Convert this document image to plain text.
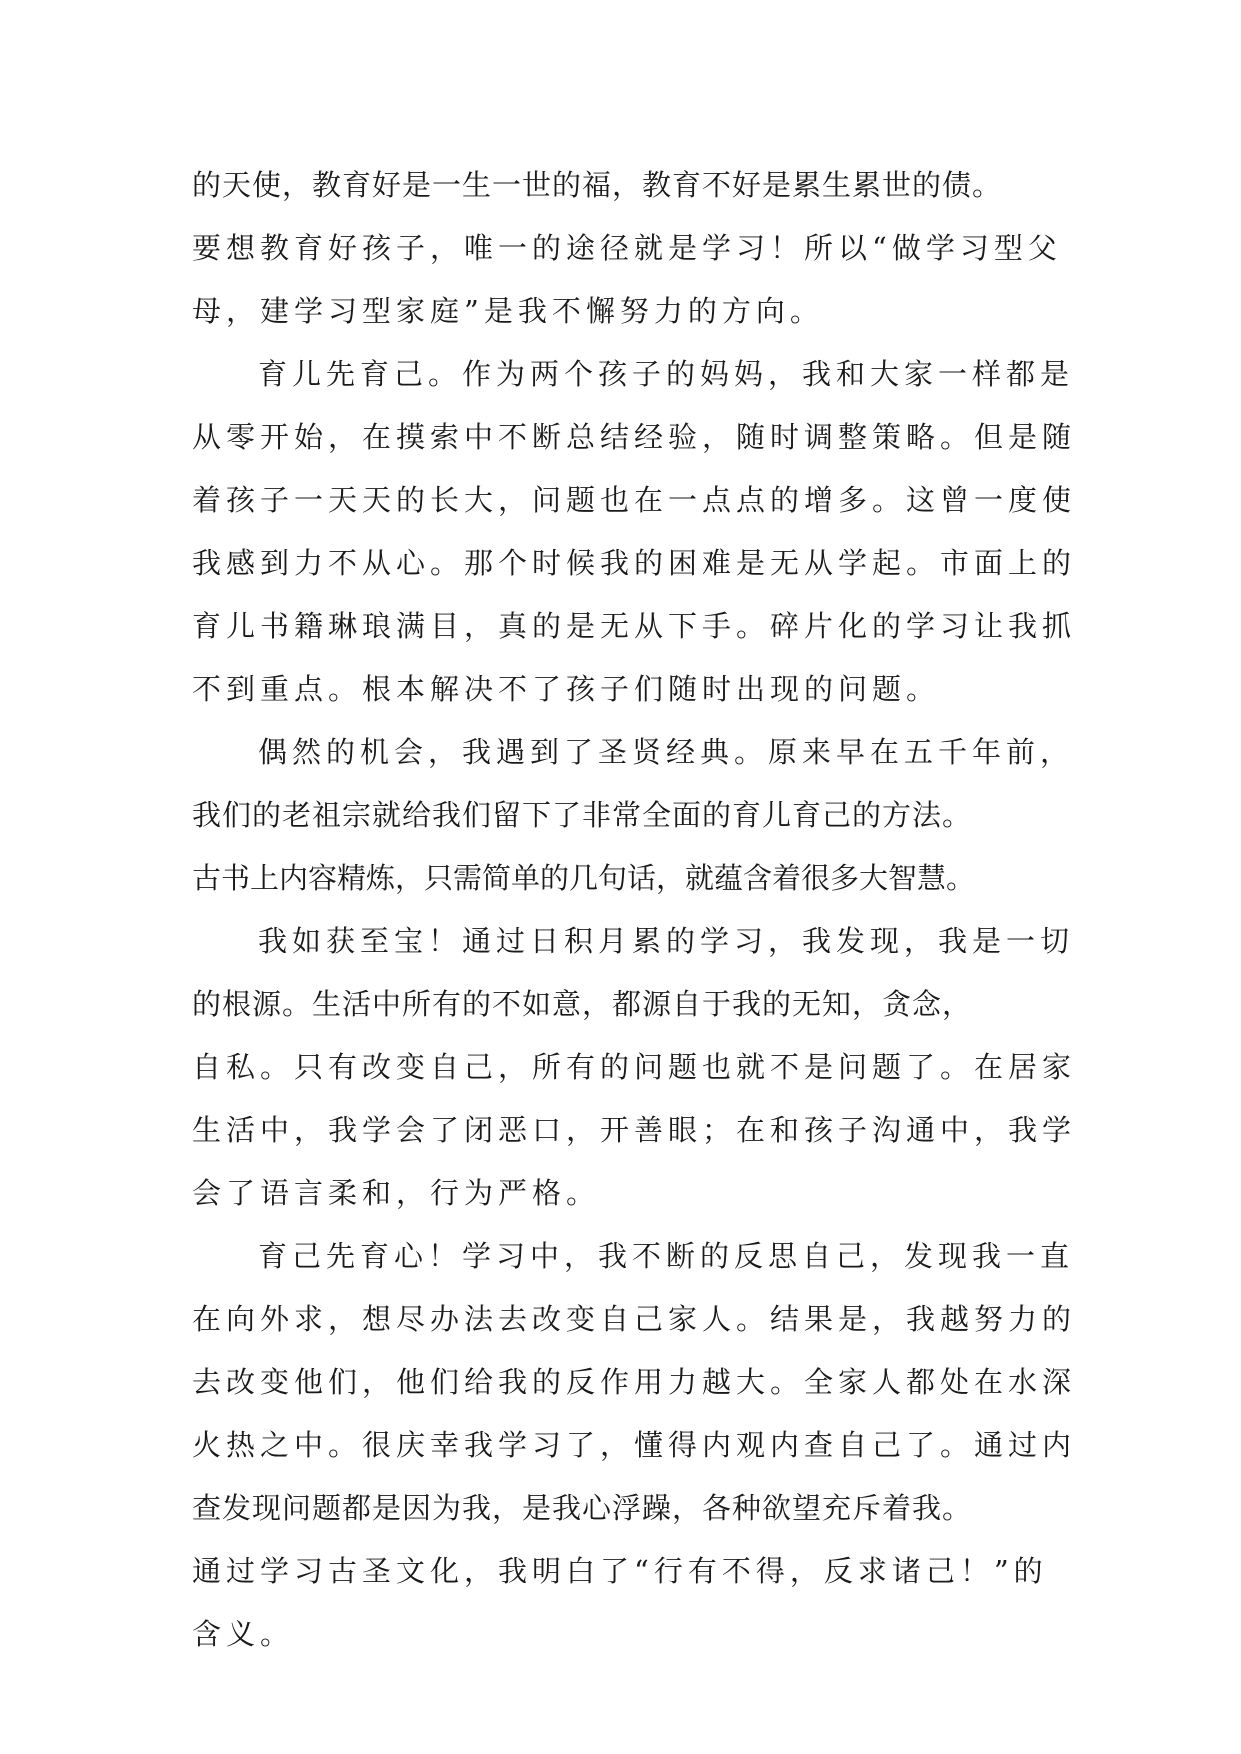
的天使，教育好是一生一世的福，教育不好是累生累世的债。
要想教育好孩子，唯一的途径就是学习！所以“做学习型父
母，建学习型家庭”是我不懈努力的方向。
育儿先育己。作为两个孩子的妈妈，我和大家一样都是
从零开始，在摸索中不断总结经验，随时调整策略。但是随
着孩子一天天的长大，问题也在一点点的增多。这曾一度使
我感到力不从心。那个时候我的困难是无从学起。市面上的
育儿书籍琳琅满目，真的是无从下手。碎片化的学习让我抓
不到重点。根本解决不了孩子们随时出现的问题。
偶然的机会，我遇到了圣贤经典。原来早在五千年前，
我们的老祖宗就给我们留下了非常全面的育儿育己的方法。
古书上内容精炼，只需简单的几句话，就蕴含着很多大智慧。
我如获至宝！通过日积月累的学习，我发现，我是一切
的根源。生活中所有的不如意，都源自于我的无知，贪念，
自私。只有改变自己，所有的问题也就不是问题了。在居家
生活中，我学会了闭恶口，开善眼；在和孩子沟通中，我学
会了语言柔和，行为严格。
育己先育心！学习中，我不断的反思自己，发现我一直
在向外求，想尽办法去改变自己家人。结果是，我越努力的
去改变他们，他们给我的反作用力越大。全家人都处在水深
火热之中。很庆幸我学习了，懂得内观内查自己了。通过内
查发现问题都是因为我，是我心浮躁，各种欲望充斥着我。
通过学习古圣文化，我明白了“行有不得，反求诸己！”的
含义。
